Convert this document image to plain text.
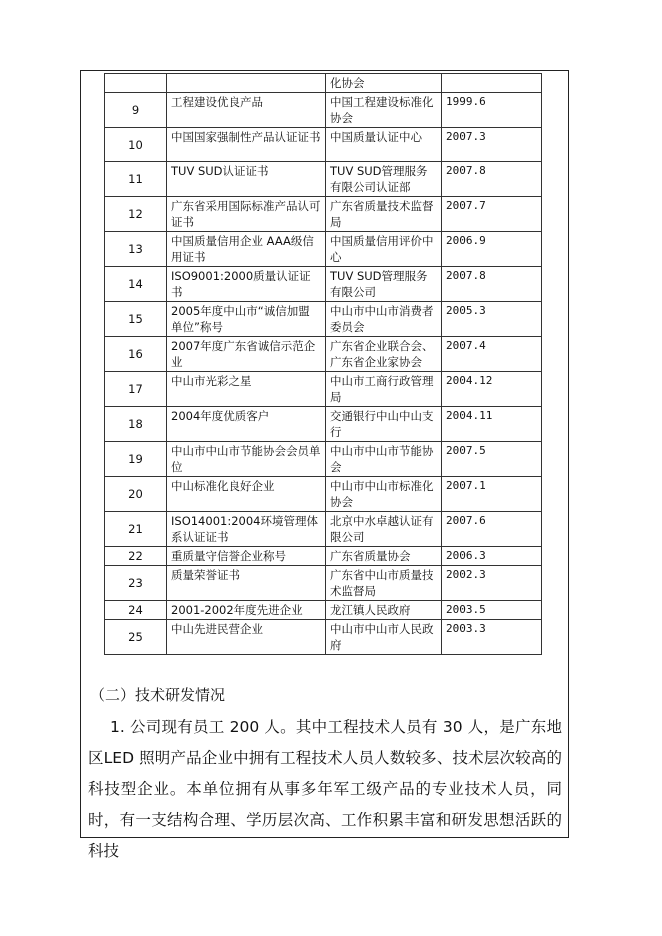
		化协会	
9	工程建设优良产品	中国工程建设标准化协会	1999.6
10	中国国家强制性产品认证证书	中国质量认证中心	2007.3
11	TUV SUD认证证书	TUV SUD管理服务有限公司认证部	2007.8
12	广东省采用国际标准产品认可证书	广东省质量技术监督局	2007.7
13	中国质量信用企业 AAA级信用证书	中国质量信用评价中心	2006.9
14	ISO9001:2000质量认证证书	TUV SUD管理服务有限公司	2007.8
15	2005年度中山市“诚信加盟单位”称号	中山市中山市消费者委员会	2005.3
16	2007年度广东省诚信示范企业	广东省企业联合会、广东省企业家协会	2007.4
17	中山市光彩之星	中山市工商行政管理局	2004.12
18	2004年度优质客户	交通银行中山中山支行	2004.11
19	中山市中山市节能协会会员单位	中山市中山市节能协会	2007.5
20	中山标准化良好企业	中山市中山市标准化协会	2007.1
21	ISO14001:2004环境管理体系认证证书	北京中水卓越认证有限公司	2007.6
22	重质量守信誉企业称号	广东省质量协会	2006.3
23	质量荣誉证书	广东省中山市质量技术监督局	2002.3
24	2001-2002年度先进企业	龙江镇人民政府	2003.5
25	中山先进民营企业	中山市中山市人民政府	2003.3
（二）技术研发情况

1. 公司现有员工 200 人。其中工程技术人员有 30 人，是广东地区LED 照明产品企业中拥有工程技术人员人数较多、技术层次较高的科技型企业。本单位拥有从事多年军工级产品的专业技术人员，同时，有一支结构合理、学历层次高、工作积累丰富和研发思想活跃的科技
